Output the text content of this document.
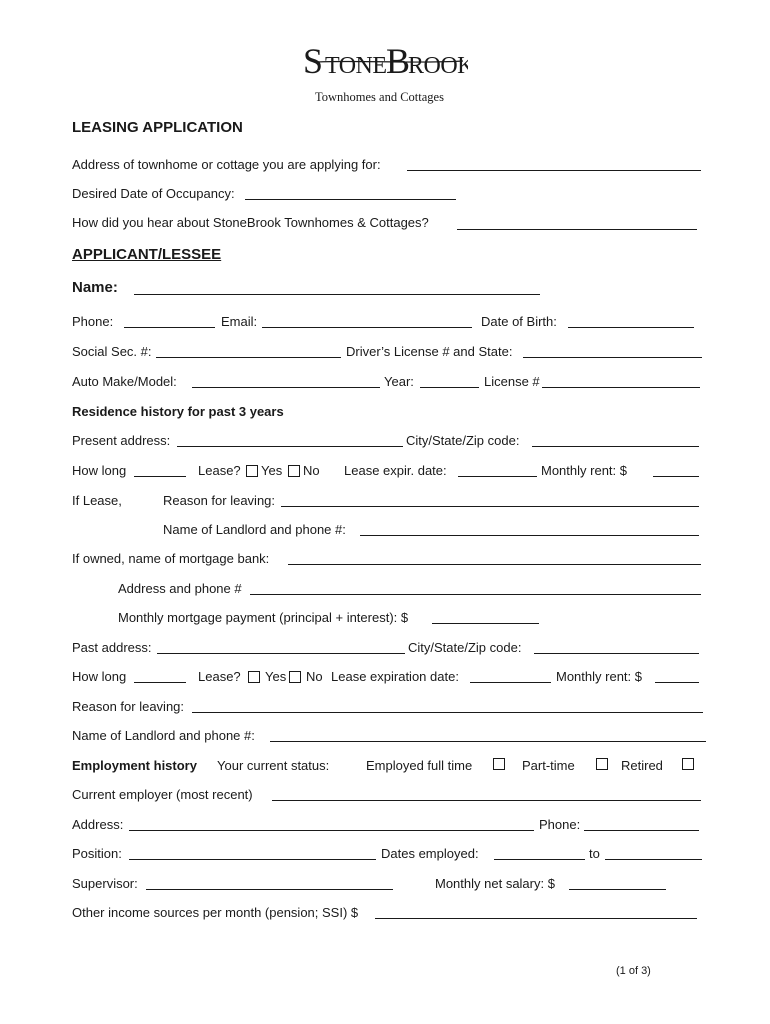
S TONE B
ROOK
Townhomes and Cottages
LEASING APPLICATION
Address of townhome or cottage you are applying for:
Desired Date of Occupancy:
How did you hear about StoneBrook Townhomes & Cottages?
APPLICANT/LESSEE
Name:
Phone:	Email:	Date of Birth:
Social Sec. #:	Driver’s License # and State:
Auto Make/Model:	Year:	License #
Residence history for past 3 years
Present address:	City/State/Zip code:
How long	Lease? Yes No Lease expir. date:	Monthly rent: $
If Lease,	Reason for leaving:
Name of Landlord and phone #:
If owned, name of mortgage bank:
Address and phone #
Monthly mortgage payment (principal + interest): $
Past address:	City/State/Zip code:
How long	Lease? Yes No Lease expiration date:	Monthly rent: $
Reason for leaving:
Name of Landlord and phone #:
Employment history Your current status:	Employed full time	Part-time	Retired
Current employer (most recent)
Address:	Phone:
Position:	Dates employed:	to
Supervisor:	Monthly net salary: $
Other income sources per month (pension; SSI) $
(1 of 3)
